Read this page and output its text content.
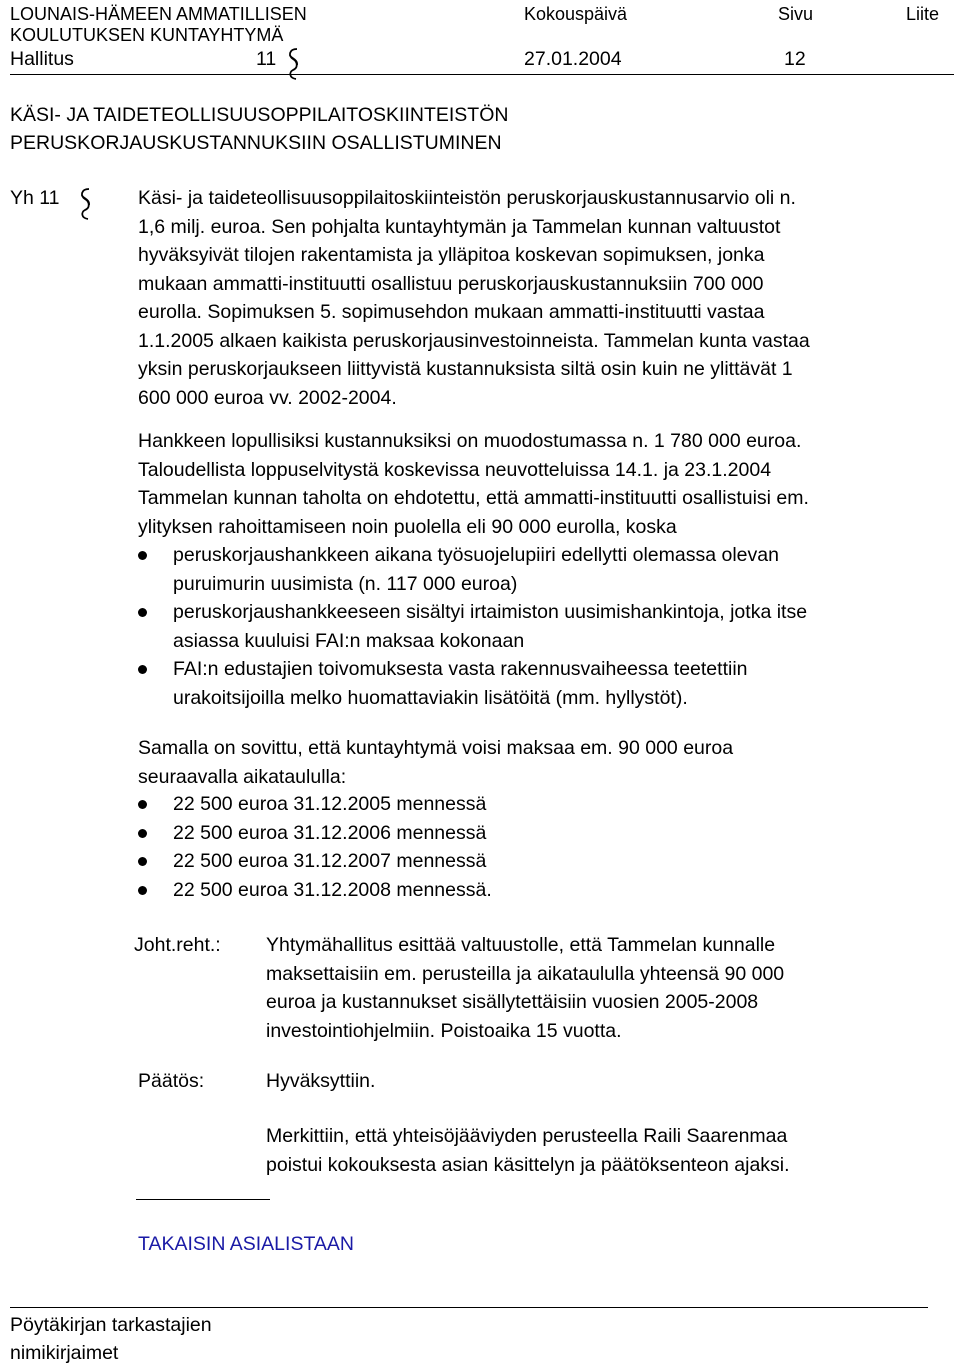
LOUNAIS-HÄMEEN AMMATILLISEN
KOULUTUKSEN KUNTAYHTYMÄ
Kokouspäivä	Sivu	Liite
Hallitus	11	27.01.2004	12
KÄSI- JA TAIDETEOLLISUUSOPPILAITOSKIINTEISTÖN
PERUSKORJAUSKUSTANNUKSIIN OSALLISTUMINEN
Yh 11	Käsi- ja taideteollisuusoppilaitoskiinteistön peruskorjauskustannusarvio oli n.
1,6 milj. euroa. Sen pohjalta kuntayhtymän ja Tammelan kunnan valtuustot
hyväksyivät tilojen rakentamista ja ylläpitoa koskevan sopimuksen, jonka
mukaan ammatti-instituutti osallistuu peruskorjauskustannuksiin 700 000
eurolla. Sopimuksen 5. sopimusehdon mukaan ammatti-instituutti vastaa
1.1.2005 alkaen kaikista peruskorjausinvestoinneista. Tammelan kunta vastaa
yksin peruskorjaukseen liittyvistä kustannuksista siltä osin kuin ne ylittävät 1
600 000 euroa vv. 2002-2004.
Hankkeen lopullisiksi kustannuksiksi on muodostumassa n. 1 780 000 euroa.
Taloudellista loppuselvitystä koskevissa neuvotteluissa 14.1. ja 23.1.2004
Tammelan kunnan taholta on ehdotettu, että ammatti-instituutti osallistuisi em.
ylityksen rahoittamiseen noin puolella eli 90 000 eurolla, koska
peruskorjaushankkeen aikana työsuojelupiiri edellytti olemassa olevan
puruimurin uusimista (n. 117 000 euroa)
peruskorjaushankkeeseen sisältyi irtaimiston uusimishankintoja, jotka itse
asiassa kuuluisi FAI:n maksaa kokonaan
FAI:n edustajien toivomuksesta vasta rakennusvaiheessa teetettiin
urakoitsijoilla melko huomattaviakin lisätöitä (mm. hyllystöt).
Samalla on sovittu, että kuntayhtymä voisi maksaa em. 90 000 euroa
seuraavalla aikataululla:
22 500 euroa 31.12.2005 mennessä
22 500 euroa 31.12.2006 mennessä
22 500 euroa 31.12.2007 mennessä
22 500 euroa 31.12.2008 mennessä.
Joht.reht.: Yhtymähallitus esittää valtuustolle, että Tammelan kunnalle
maksettaisiin em. perusteilla ja aikataululla yhteensä 90 000
euroa ja kustannukset sisällytettäisiin vuosien 2005-2008
investointiohjelmiin. Poistoaika 15 vuotta.
Päätös:	Hyväksyttiin.
Merkittiin, että yhteisöjääviyden perusteella Raili Saarenmaa
poistui kokouksesta asian käsittelyn ja päätöksenteon ajaksi.
TAKAISIN ASIALISTAAN
Pöytäkirjan tarkastajien
nimikirjaimet
